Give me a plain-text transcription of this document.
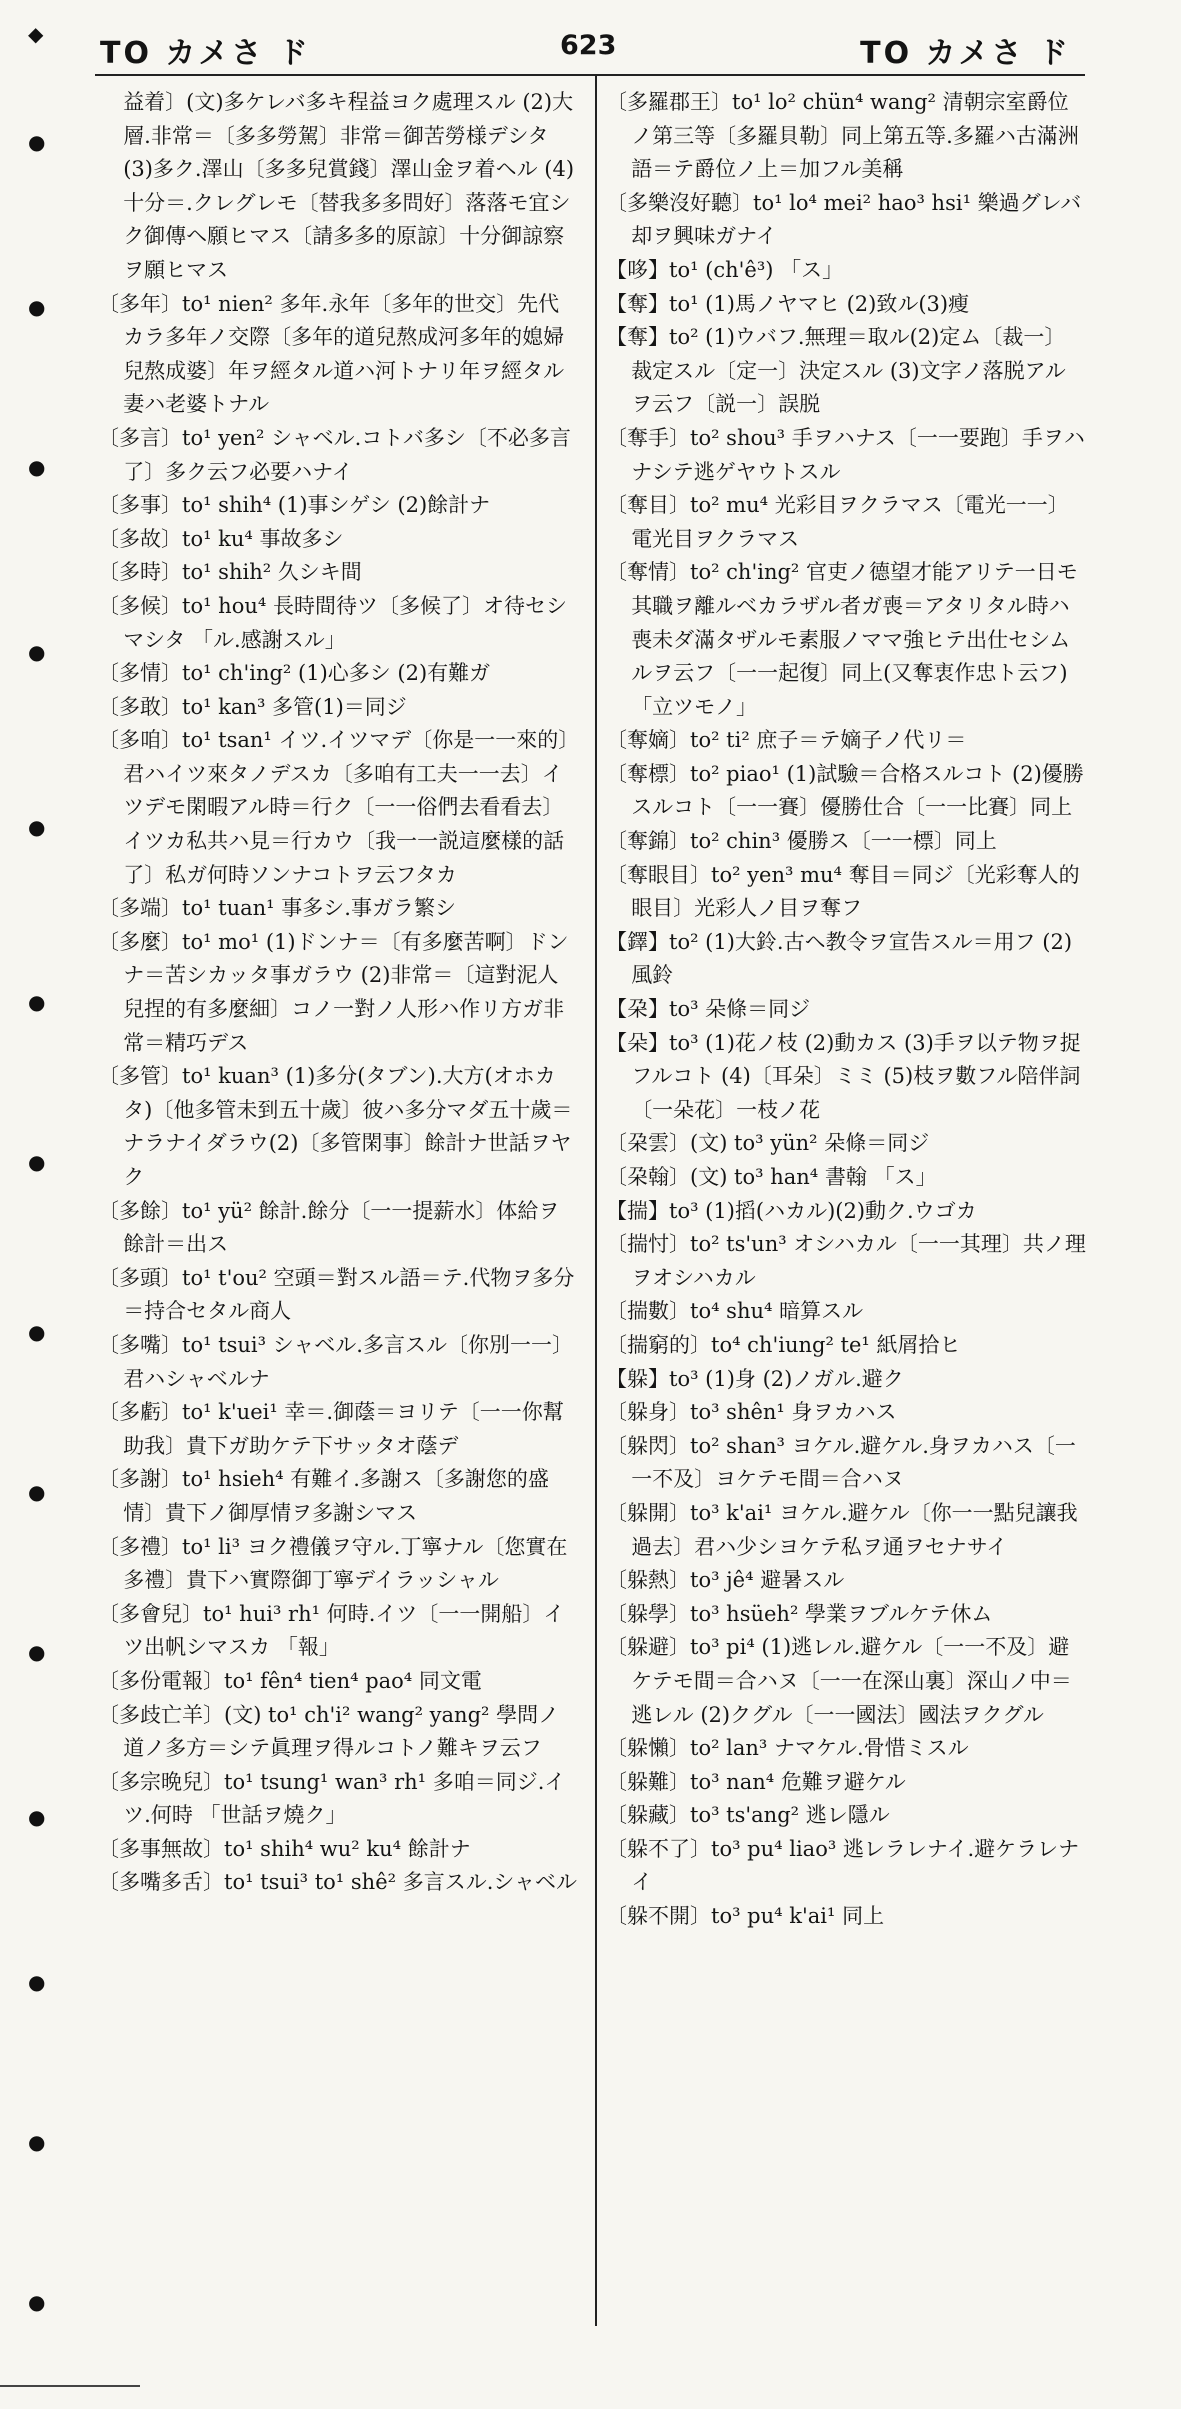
TO カメさ ド	623	TO カメさ ド
◆
●
●
●
●
●
●
●
●
●
●
●
●
●
●

益着〕(文)多ケレバ多キ程益ヨク處理スル (2)大層.非常＝〔多多勞駕〕非常＝御苦勞様デシタ (3)多ク.澤山〔多多兒賞錢〕澤山金ヲ着ヘル (4)十分＝.クレグレモ〔替我多多問好〕落落モ宜シク御傳ヘ願ヒマス〔請多多的原諒〕十分御諒察ヲ願ヒマス

〔多年〕to¹ nien² 多年.永年〔多年的世交〕先代カラ多年ノ交際〔多年的道兒熬成河多年的媳婦兒熬成婆〕年ヲ經タル道ハ河トナリ年ヲ經タル妻ハ老婆トナル

〔多言〕to¹ yen² シャベル.コトバ多シ〔不必多言了〕多ク云フ必要ハナイ

〔多事〕to¹ shih⁴ (1)事シゲシ (2)餘計ナ

〔多故〕to¹ ku⁴ 事故多シ

〔多時〕to¹ shih² 久シキ間

〔多候〕to¹ hou⁴ 長時間待ツ〔多候了〕オ待セシマシタ 「ル.感謝スル」

〔多情〕to¹ ch'ing² (1)心多シ (2)有難ガ

〔多敢〕to¹ kan³ 多管(1)＝同ジ

〔多咱〕to¹ tsan¹ イツ.イツマデ〔你是一一來的〕君ハイツ來タノデスカ〔多咱有工夫一一去〕イツデモ閑暇アル時＝行ク〔一一俗們去看看去〕イツカ私共ハ見＝行カウ〔我一一説這麼樣的話了〕私ガ何時ソンナコトヲ云フタカ

〔多端〕to¹ tuan¹ 事多シ.事ガラ繁シ

〔多麼〕to¹ mo¹ (1)ドンナ＝〔有多麼苦啊〕ドンナ＝苦シカッタ事ガラウ (2)非常＝〔這對泥人兒捏的有多麼細〕コノ一對ノ人形ハ作リ方ガ非常＝精巧デス

〔多管〕to¹ kuan³ (1)多分(タブン).大方(オホカタ)〔他多管未到五十歲〕彼ハ多分マダ五十歲＝ナラナイダラウ(2)〔多管閑事〕餘計ナ世話ヲヤク

〔多餘〕to¹ yü² 餘計.餘分〔一一提薪水〕体給ヲ餘計＝出ス

〔多頭〕to¹ t'ou² 空頭＝對スル語＝テ.代物ヲ多分＝持合セタル商人

〔多嘴〕to¹ tsui³ シャベル.多言スル〔你別一一〕君ハシャベルナ

〔多虧〕to¹ k'uei¹ 幸＝.御蔭＝ヨリテ〔一一你幫助我〕貴下ガ助ケテ下サッタオ蔭デ

〔多謝〕to¹ hsieh⁴ 有難イ.多謝ス〔多謝您的盛情〕貴下ノ御厚情ヲ多謝シマス

〔多禮〕to¹ li³ ヨク禮儀ヲ守ル.丁寧ナル〔您實在多禮〕貴下ハ實際御丁寧デイラッシャル

〔多會兒〕to¹ hui³ rh¹ 何時.イツ〔一一開船〕イツ出帆シマスカ 「報」

〔多份電報〕to¹ fên⁴ tien⁴ pao⁴ 同文電

〔多歧亡羊〕(文) to¹ ch'i² wang² yang² 學問ノ道ノ多方＝シテ眞理ヲ得ルコトノ難キヲ云フ

〔多宗晩兒〕to¹ tsung¹ wan³ rh¹ 多咱＝同ジ.イツ.何時 「世話ヲ燒ク」

〔多事無故〕to¹ shih⁴ wu² ku⁴ 餘計ナ

〔多嘴多舌〕to¹ tsui³ to¹ shê² 多言スル.シャベル

〔多羅郡王〕to¹ lo² chün⁴ wang² 清朝宗室爵位ノ第三等〔多羅貝勒〕同上第五等.多羅ハ古滿洲語＝テ爵位ノ上＝加フル美稱

〔多樂沒好聽〕to¹ lo⁴ mei² hao³ hsi¹ 樂過グレバ却ヲ興味ガナイ

【哆】to¹ (ch'ê³) 「ス」

【奪】to¹ (1)馬ノヤマヒ (2)致ル(3)瘦

【奪】to² (1)ウバフ.無理＝取ル(2)定ム〔裁一〕裁定スル〔定一〕決定スル (3)文字ノ落脱アルヲ云フ〔説一〕誤脱

〔奪手〕to² shou³ 手ヲハナス〔一一要跑〕手ヲハナシテ逃ゲヤウトスル

〔奪目〕to² mu⁴ 光彩目ヲクラマス〔電光一一〕電光目ヲクラマス

〔奪情〕to² ch'ing² 官吏ノ德望才能アリテ一日モ其職ヲ離ルベカラザル者ガ喪＝アタリタル時ハ喪未ダ滿タザルモ素服ノママ強ヒテ出仕セシムルヲ云フ〔一一起復〕同上(又奪衷作忠ト云フ) 「立ツモノ」

〔奪嫡〕to² ti² 庶子＝テ嫡子ノ代リ＝

〔奪標〕to² piao¹ (1)試驗＝合格スルコト (2)優勝スルコト〔一一賽〕優勝仕合〔一一比賽〕同上

〔奪錦〕to² chin³ 優勝ス〔一一標〕同上

〔奪眼目〕to² yen³ mu⁴ 奪目＝同ジ〔光彩奪人的眼目〕光彩人ノ目ヲ奪フ

【鐸】to² (1)大鈴.古ヘ教令ヲ宣告スル＝用フ (2)風鈴

【朶】to³ 朵條＝同ジ

【朵】to³ (1)花ノ枝 (2)動カス (3)手ヲ以テ物ヲ捉フルコト (4)〔耳朵〕ミミ (5)枝ヲ數フル陪伴詞〔一朵花〕一枝ノ花

〔朶雲〕(文) to³ yün² 朵條＝同ジ

〔朶翰〕(文) to³ han⁴ 書翰 「ス」

【揣】to³ (1)搯(ハカル)(2)動ク.ウゴカ

〔揣忖〕to² ts'un³ オシハカル〔一一其理〕共ノ理ヲオシハカル

〔揣數〕to⁴ shu⁴ 暗算スル

〔揣窮的〕to⁴ ch'iung² te¹ 紙屑拾ヒ

【躲】to³ (1)身 (2)ノガル.避ク

〔躲身〕to³ shên¹ 身ヲカハス

〔躲閃〕to² shan³ ヨケル.避ケル.身ヲカハス〔一一不及〕ヨケテモ間＝合ハヌ

〔躲開〕to³ k'ai¹ ヨケル.避ケル〔你一一點兒讓我過去〕君ハ少シヨケテ私ヲ通ヲセナサイ

〔躲熱〕to³ jê⁴ 避暑スル

〔躲學〕to³ hsüeh² 學業ヲブルケテ休ム

〔躲避〕to³ pi⁴ (1)逃レル.避ケル〔一一不及〕避ケテモ間＝合ハヌ〔一一在深山裏〕深山ノ中＝逃レル (2)クグル〔一一國法〕國法ヲクグル

〔躲懶〕to² lan³ ナマケル.骨惜ミスル

〔躲難〕to³ nan⁴ 危難ヲ避ケル

〔躲藏〕to³ ts'ang² 逃レ隱ル

〔躲不了〕to³ pu⁴ liao³ 逃レラレナイ.避ケラレナイ

〔躲不開〕to³ pu⁴ k'ai¹ 同上
